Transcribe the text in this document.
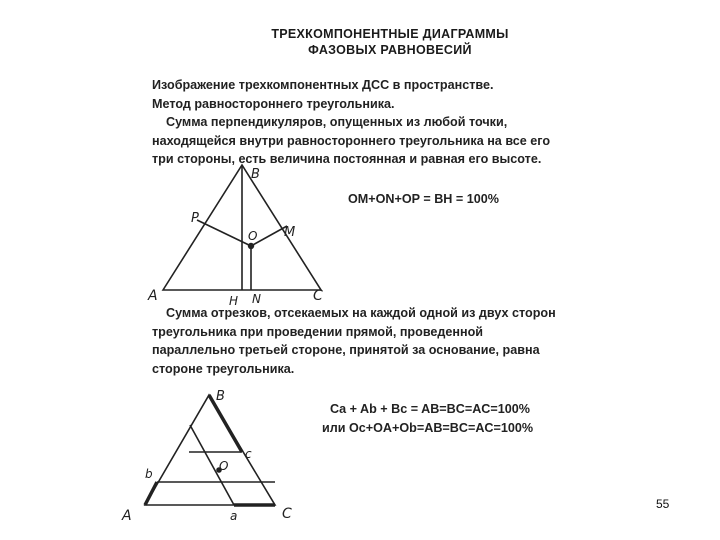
ТРЕХКОМПОНЕНТНЫЕ ДИАГРАММЫ
ФАЗОВЫХ РАВНОВЕСИЙ
Изображение трехкомпонентных ДСС в пространстве.
Метод равностороннего треугольника.
Сумма перпендикуляров, опущенных из любой точки,
находящейся внутри равностороннего треугольника на все его
три стороны, есть величина постоянная и равная его высоте.
OM+ON+OP = BH = 100%
Сумма отрезков, отсекаемых на каждой одной из двух сторон
треугольника при проведении прямой, проведенной
параллельно третьей стороне, принятой за основание, равна
стороне треугольника.
Ca + Ab + Bc = AB=BC=AC=100%
или Oc+OA+Ob=AB=BC=AC=100%
B
P
M
O
A	H N	C
B
b
c
O
A	a	C
55
